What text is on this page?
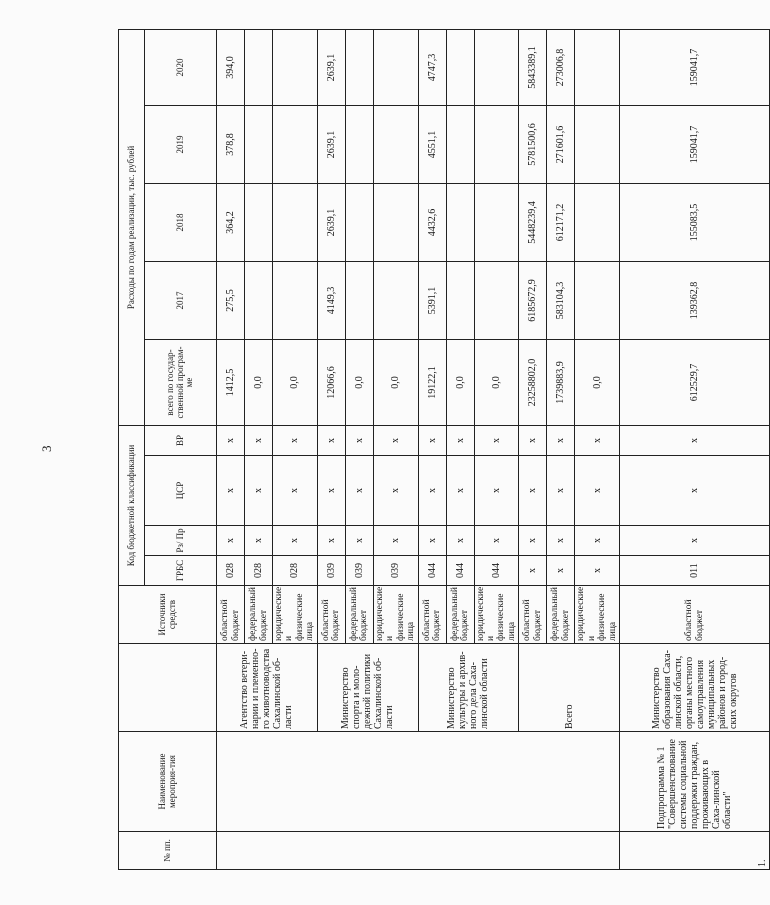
3
№ пп.	Наименование мероприя-тия		Источники средств	Код бюджетной классификации				Расходы по годам реализации, тыс. рублей				
				ГРБС	Рз/ Пр	ЦСР	ВР	всего по государ-ственной програм-ме	2017	2018	2019	2020
		Агентство ветери-нарии и племенно-го животноводства Сахалинской об-ласти	областной бюджет	028	х	х	х	1412,5	275,5	364,2	378,8	394,0
			федеральный бюджет	028	х	х	х	0,0				
			юридические и физические лица	028	х	х	х	0,0				
		Министерство спорта и моло-дежной политики Сахалинской об-ласти	областной бюджет	039	х	х	х	12066,6	4149,3	2639,1	2639,1	2639,1
			федеральный бюджет	039	х	х	х	0,0				
			юридические и физические лица	039	х	х	х	0,0				
		Министерство культуры и архив-ного дела Саха-линской области	областной бюджет	044	х	х	х	19122,1	5391,1	4432,6	4551,1	4747,3
			федеральный бюджет	044	х	х	х	0,0				
			юридические и физические лица	044	х	х	х	0,0				
		Всего	областной бюджет	х	х	х	х	23258802,0	6185672,9	5448239,4	5781500,6	5843389,1
			федеральный бюджет	х	х	х	х	1739883,9	583104,3	612171,2	271601,6	273006,8
			юридические и физические лица	х	х	х	х	0,0				
1.	Подпрограмма № 1 "Совершенствование системы социальной поддержки граждан, проживающих в Саха-линской области"	Министерство образования Саха-линской области, органы местного самоуправления муниципальных районов и город-ских округов	областной бюджет	011	х	х	х	612529,7	139362,8	155083,5	159041,7	159041,7
